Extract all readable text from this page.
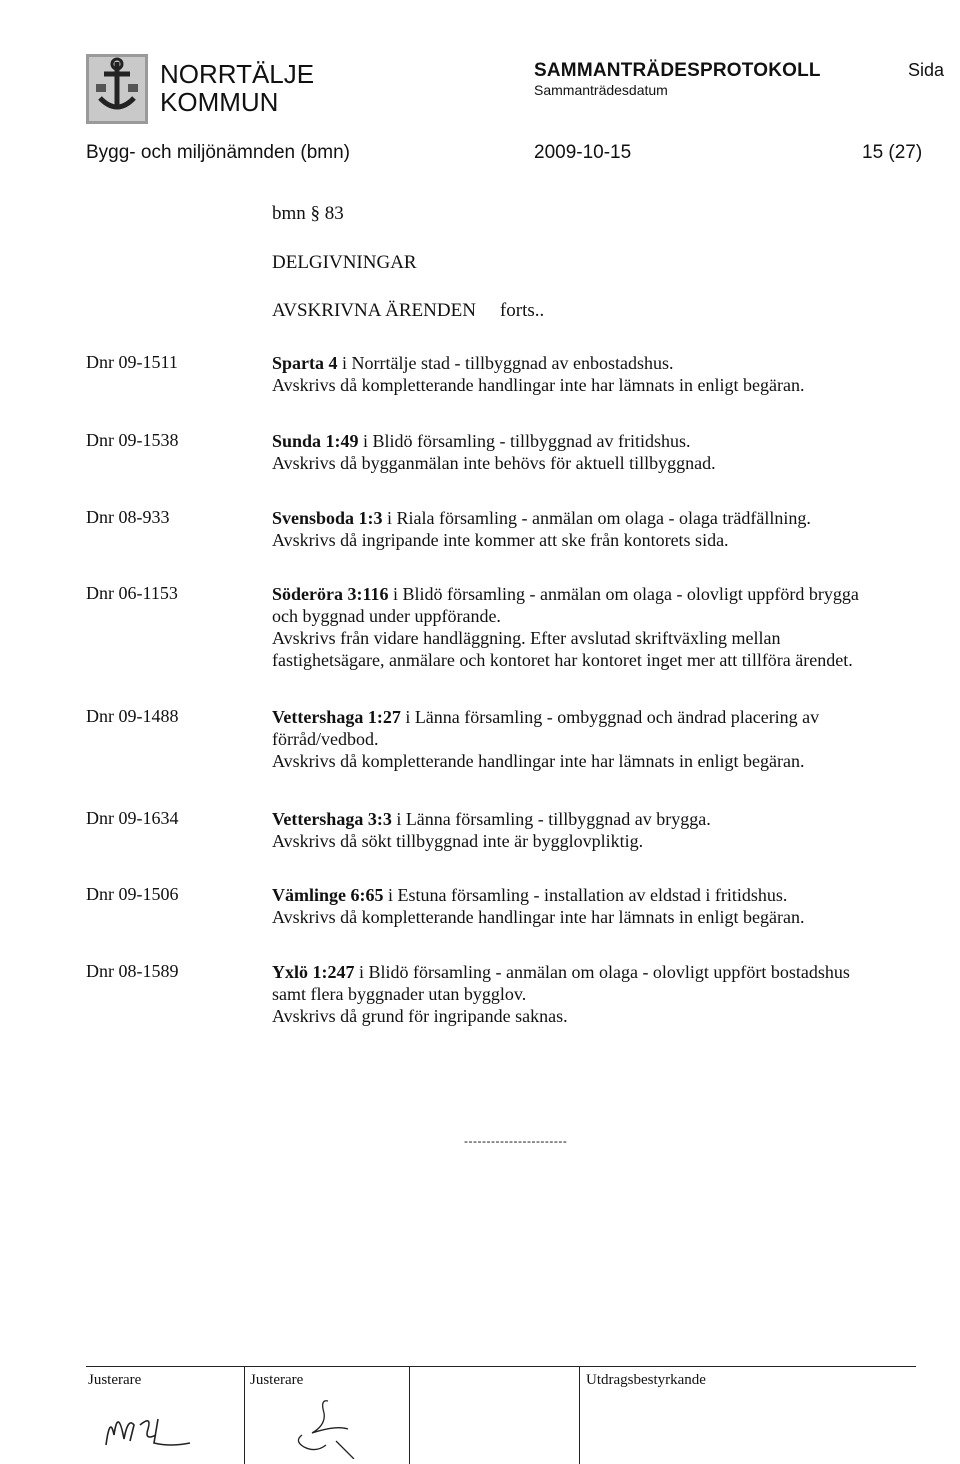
NORRTÄLJE
KOMMUN
SAMMANTRÄDESPROTOKOLL
Sammanträdesdatum
Sida
Bygg- och miljönämnden (bmn)	2009-10-15	15 (27)
bmn § 83
DELGIVNINGAR
AVSKRIVNA ÄRENDEN forts..
Dnr 09-1511	Sparta 4 i Norrtälje stad - tillbyggnad av enbostadshus.
Avskrivs då kompletterande handlingar inte har lämnats in enligt begäran.
Dnr 09-1538	Sunda 1:49 i Blidö församling - tillbyggnad av fritidshus.
Avskrivs då bygganmälan inte behövs för aktuell tillbyggnad.
Dnr 08-933	Svensboda 1:3 i Riala församling - anmälan om olaga - olaga trädfällning.
Avskrivs då ingripande inte kommer att ske från kontorets sida.
Dnr 06-1153	Söderöra 3:116 i Blidö församling - anmälan om olaga - olovligt uppförd brygga
och byggnad under uppförande.
Avskrivs från vidare handläggning. Efter avslutad skriftväxling mellan
fastighetsägare, anmälare och kontoret har kontoret inget mer att tillföra ärendet.
Dnr 09-1488	Vettershaga 1:27 i Länna församling - ombyggnad och ändrad placering av
förråd/vedbod.
Avskrivs då kompletterande handlingar inte har lämnats in enligt begäran.
Dnr 09-1634	Vettershaga 3:3 i Länna församling - tillbyggnad av brygga.
Avskrivs då sökt tillbyggnad inte är bygglovpliktig.
Dnr 09-1506	Vämlinge 6:65 i Estuna församling - installation av eldstad i fritidshus.
Avskrivs då kompletterande handlingar inte har lämnats in enligt begäran.
Dnr 08-1589	Yxlö 1:247 i Blidö församling - anmälan om olaga - olovligt uppfört bostadshus
samt flera byggnader utan bygglov.
Avskrivs då grund för ingripande saknas.
-----------------------
Justerare	Justerare	Utdragsbestyrkande
